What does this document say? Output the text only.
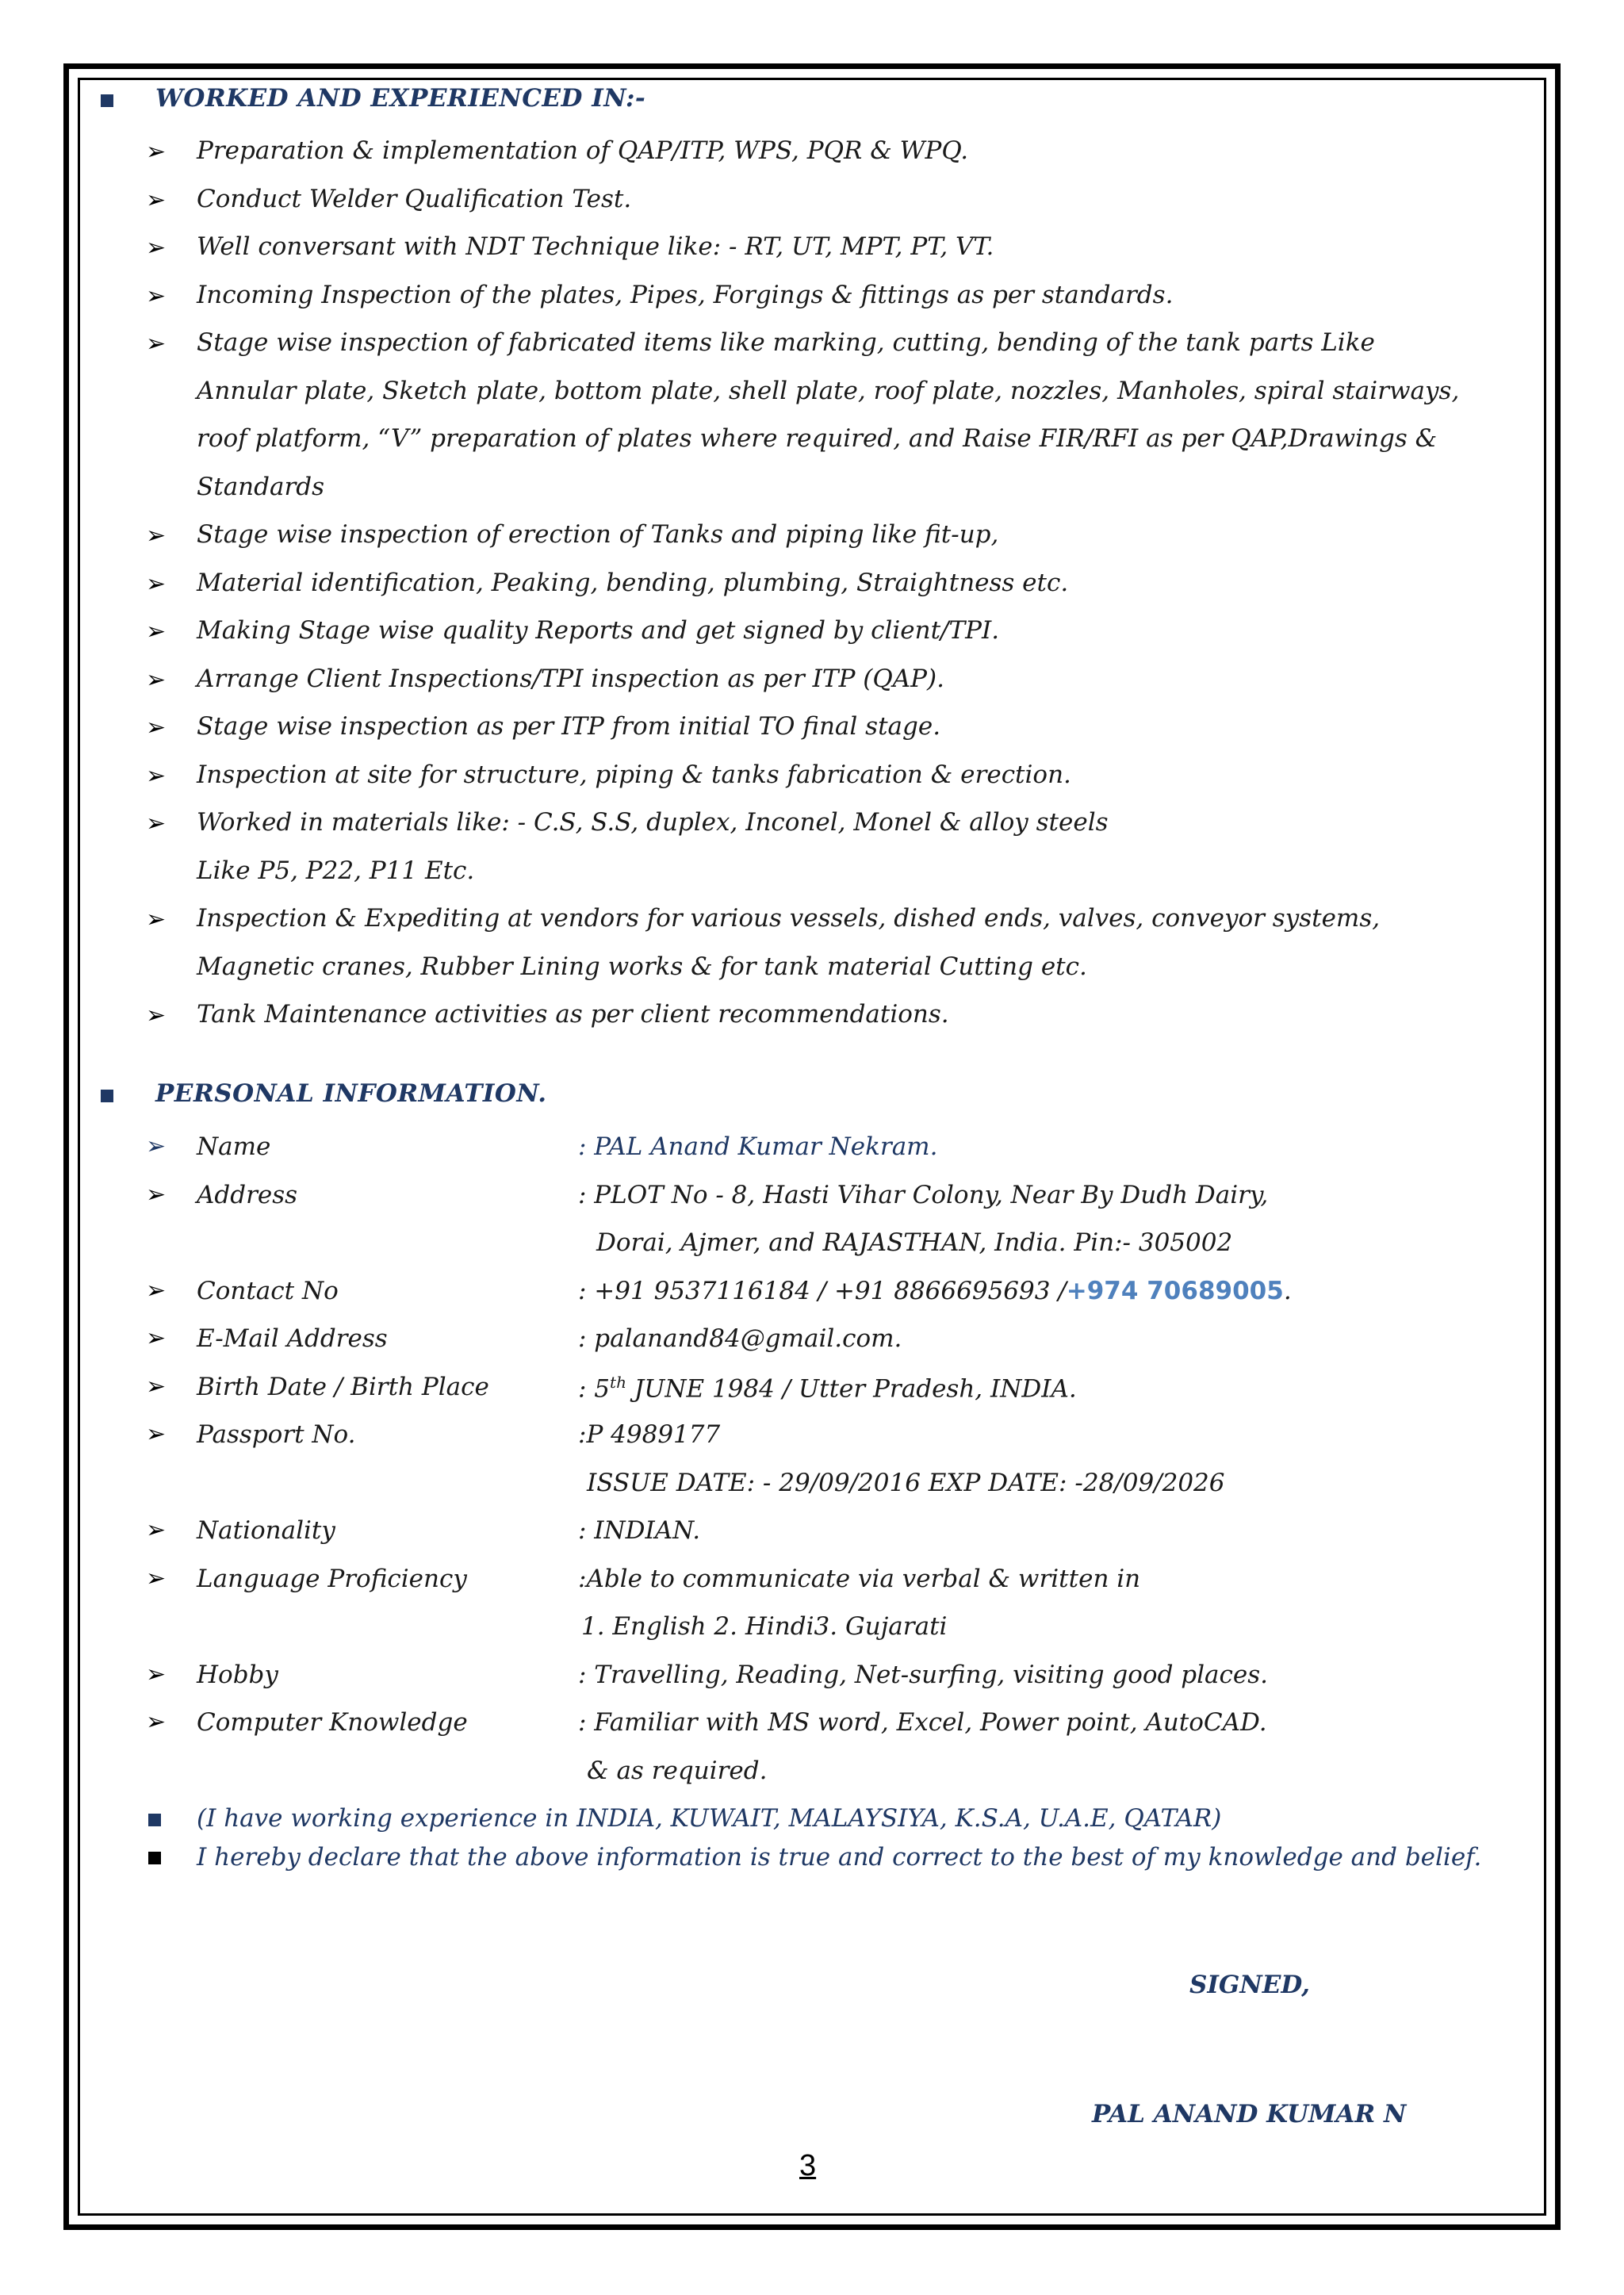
WORKED AND EXPERIENCED IN:-
➢ Preparation & implementation of QAP/ITP, WPS, PQR & WPQ.
➢ Conduct Welder Qualification Test.
➢ Well conversant with NDT Technique like: - RT, UT, MPT, PT, VT.
➢ Incoming Inspection of the plates, Pipes, Forgings & fittings as per standards.
➢ Stage wise inspection of fabricated items like marking, cutting, bending of the tank parts Like
Annular plate, Sketch plate, bottom plate, shell plate, roof plate, nozzles, Manholes, spiral stairways,
roof platform, “V” preparation of plates where required, and Raise FIR/RFI as per QAP,Drawings &
Standards
➢ Stage wise inspection of erection of Tanks and piping like fit-up,
➢ Material identification, Peaking, bending, plumbing, Straightness etc.
➢ Making Stage wise quality Reports and get signed by client/TPI.
➢ Arrange Client Inspections/TPI inspection as per ITP (QAP).
➢ Stage wise inspection as per ITP from initial TO final stage.
➢ Inspection at site for structure, piping & tanks fabrication & erection.
➢ Worked in materials like: - C.S, S.S, duplex, Inconel, Monel & alloy steels
Like P5, P22, P11 Etc.
➢ Inspection & Expediting at vendors for various vessels, dished ends, valves, conveyor systems,
Magnetic cranes, Rubber Lining works & for tank material Cutting etc.
➢ Tank Maintenance activities as per client recommendations.
PERSONAL INFORMATION.
➢ Name	: PAL Anand Kumar Nekram.
➢ Address	: PLOT No - 8, Hasti Vihar Colony, Near By Dudh Dairy,
Dorai, Ajmer, and RAJASTHAN, India. Pin:- 305002
➢ Contact No	: +91 9537116184 / +91 8866695693 /+974 70689005.
➢ E-Mail Address	: palanand84@gmail.com.
➢ Birth Date / Birth Place	: 5th JUNE 1984 / Utter Pradesh, INDIA.
➢ Passport No.	:P 4989177
ISSUE DATE: - 29/09/2016 EXP DATE: -28/09/2026
➢ Nationality	: INDIAN.
➢ Language Proficiency	:Able to communicate via verbal & written in
1. English 2. Hindi3. Gujarati
➢ Hobby	: Travelling, Reading, Net-surfing, visiting good places.
➢ Computer Knowledge	: Familiar with MS word, Excel, Power point, AutoCAD.
& as required.
(I have working experience in INDIA, KUWAIT, MALAYSIYA, K.S.A, U.A.E, QATAR)
I hereby declare that the above information is true and correct to the best of my knowledge and belief.
SIGNED,
PAL ANAND KUMAR N
3
